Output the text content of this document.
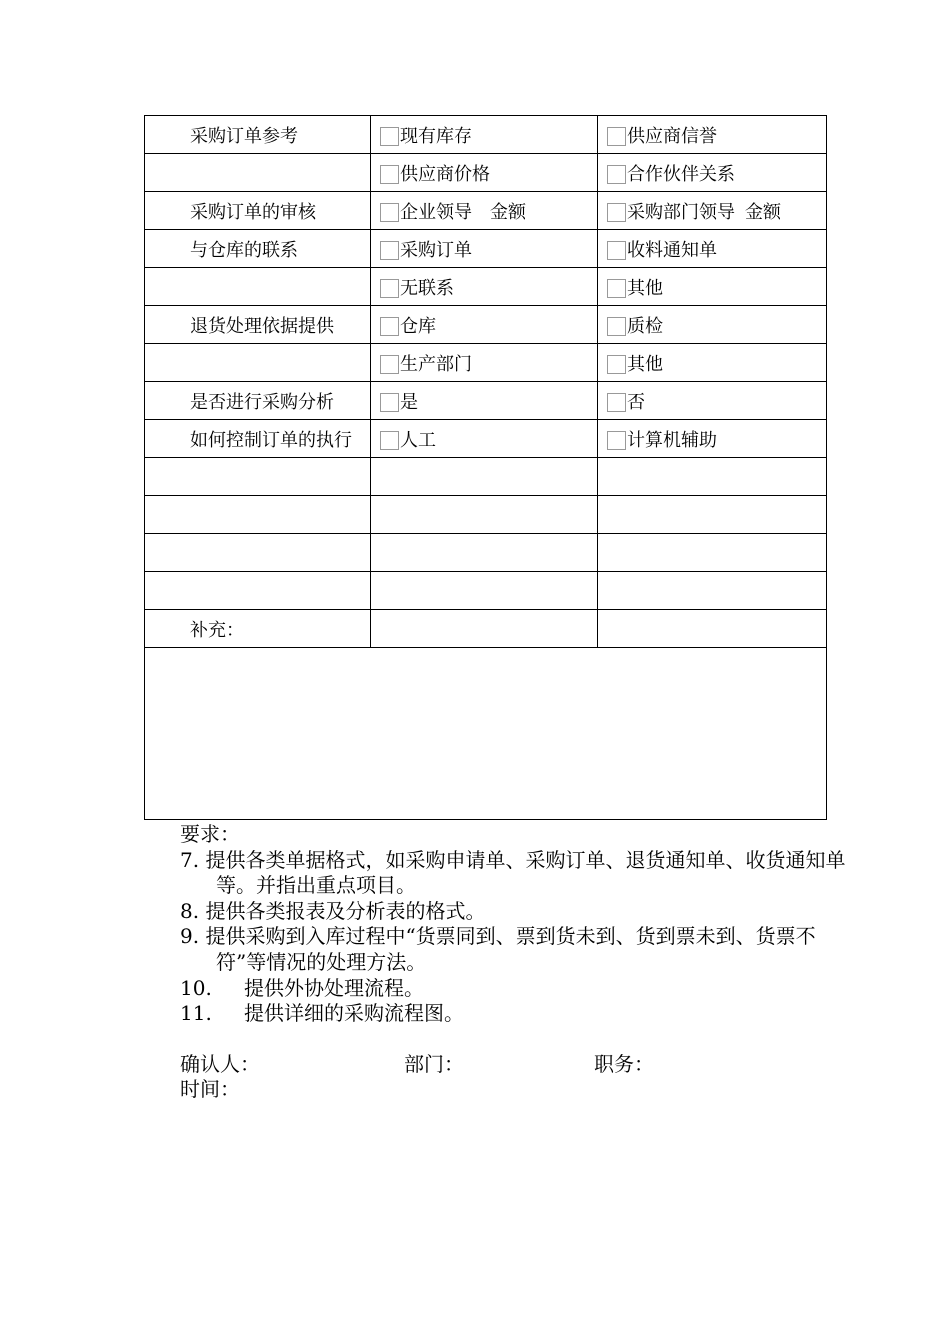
采购订单参考	现有库存	供应商信誉
	供应商价格	合作伙伴关系
采购订单的审核	企业领导 金额	采购部门领导 金额
与仓库的联系	采购订单	收料通知单
	无联系	其他
退货处理依据提供	仓库	质检
	生产部门	其他
是否进行采购分析	是	否
如何控制订单的执行	人工	计算机辅助

补充：		

要求：

7. 提供各类单据格式，如采购申请单、采购订单、退货通知单、收货通知单等。并指出重点项目。
8. 提供各类报表及分析表的格式。
9. 提供采购到入库过程中“货票同到、票到货未到、货到票未到、货票不符”等情况的处理方法。
10. 提供外协处理流程。
11. 提供详细的采购流程图。
确认人：	部门：	职务：
时间：
